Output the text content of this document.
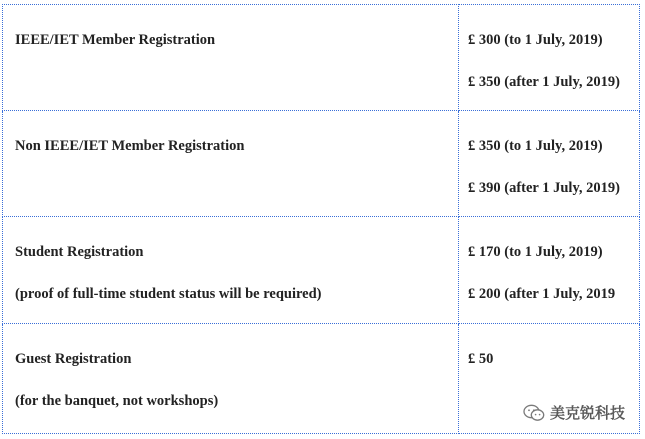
IEEE/IET Member Registration	£ 300 (to 1 July, 2019)
£ 350 (after 1 July, 2019)

Non IEEE/IET Member Registration	£ 350 (to 1 July, 2019)
£ 390 (after 1 July, 2019)

Student Registration
(proof of full-time student status will be required)	£ 170 (to 1 July, 2019)
£ 200 (after 1 July, 2019

Guest Registration
(for the banquet, not workshops)	£ 50
美克锐科技
